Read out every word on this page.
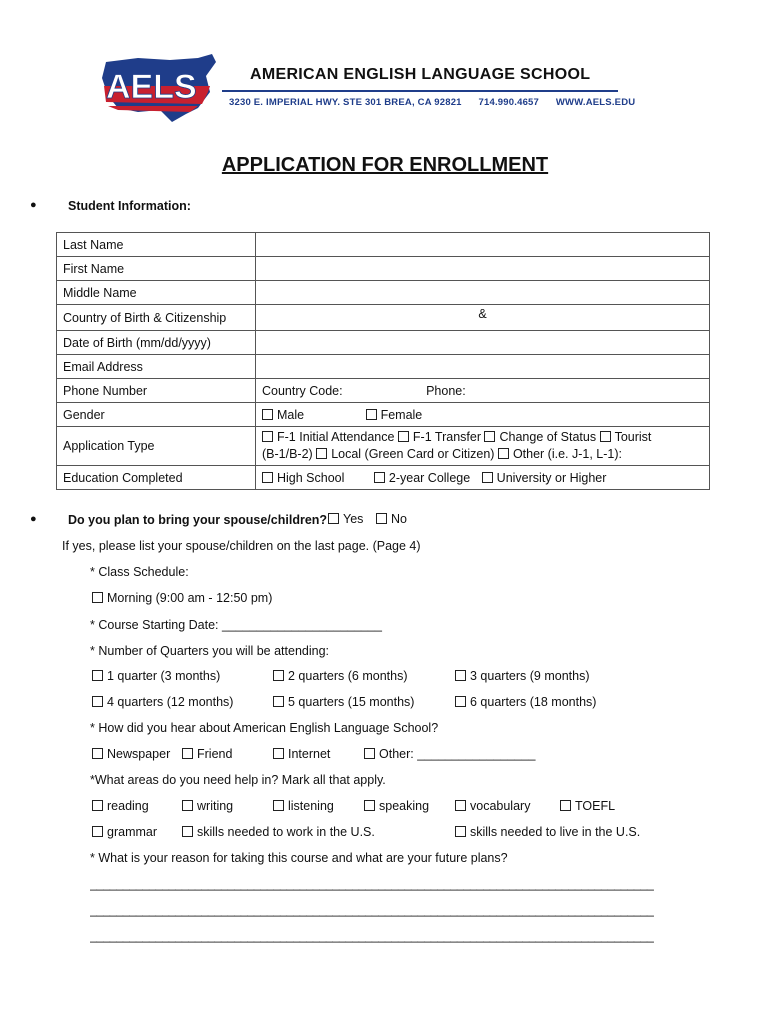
AELS	AMERICAN ENGLISH LANGUAGE SCHOOL
3230 E. IMPERIAL HWY. STE 301 BREA, CA 92821 714.990.4657 WWW.AELS.EDU
APPLICATION FOR ENROLLMENT
●	Student Information:
Last Name	
First Name	
Middle Name	
Country of Birth & Citizenship	&
Date of Birth (mm/dd/yyyy)	
Email Address	
Phone Number	Country Code: Phone:
Gender	Male Female
Application Type	F-1 Initial Attendance F-1 Transfer Change of Status Tourist
(B-1/B-2) Local (Green Card or Citizen) Other (i.e. J-1, L-1):

Education Completed	High School 2-year College University or Higher
●	Do you plan to bring your spouse/children?	Yes	No
If yes, please list your spouse/children on the last page. (Page 4)
* Class Schedule:
Morning (9:00 am - 12:50 pm)
* Course Starting Date: _______________________
* Number of Quarters you will be attending:
1 quarter (3 months)	2 quarters (6 months)	3 quarters (9 months)
4 quarters (12 months)	5 quarters (15 months)	6 quarters (18 months)
* How did you hear about American English Language School?
Newspaper	Friend	Internet	Other: _________________
*What areas do you need help in? Mark all that apply.
reading	writing	listening	speaking	vocabulary	TOEFL
grammar	skills needed to work in the U.S.	skills needed to live in the U.S.
* What is your reason for taking this course and what are your future plans?
______________________________________________________________________________________
______________________________________________________________________________________
______________________________________________________________________________________
